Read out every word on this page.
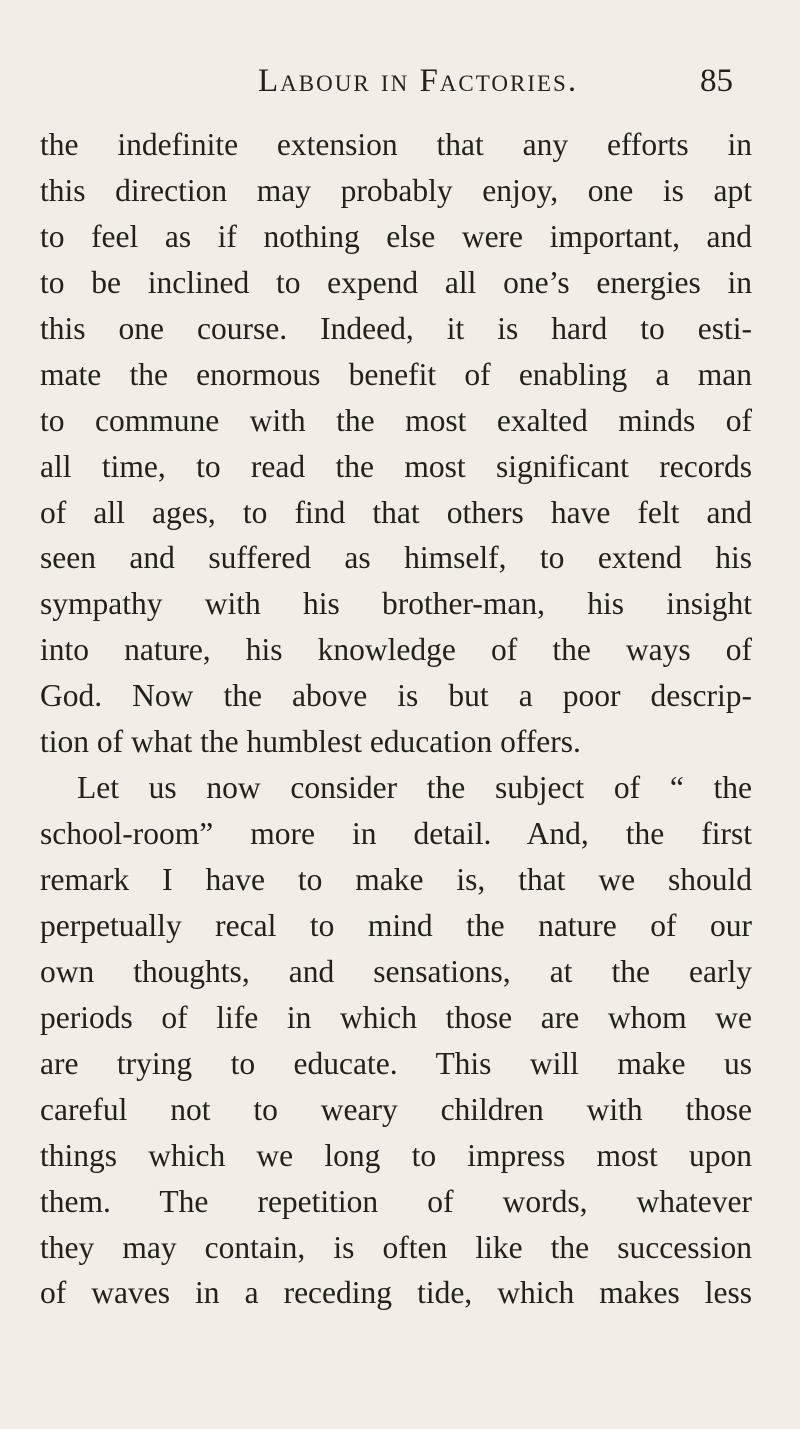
Labour in Factories.	85
the indefinite extension that any efforts in
this direction may probably enjoy, one is apt
to feel as if nothing else were important, and
to be inclined to expend all one’s energies in
this one course. Indeed, it is hard to esti-
mate the enormous benefit of enabling a man
to commune with the most exalted minds of
all time, to read the most significant records
of all ages, to find that others have felt and
seen and suffered as himself, to extend his
sympathy with his brother-man, his insight
into nature, his knowledge of the ways of
God. Now the above is but a poor descrip-
tion of what the humblest education offers.
Let us now consider the subject of “ the
school-room” more in detail. And, the first
remark I have to make is, that we should
perpetually recal to mind the nature of our
own thoughts, and sensations, at the early
periods of life in which those are whom we
are trying to educate. This will make us
careful not to weary children with those
things which we long to impress most upon
them. The repetition of words, whatever
they may contain, is often like the succession
of waves in a receding tide, which makes less
